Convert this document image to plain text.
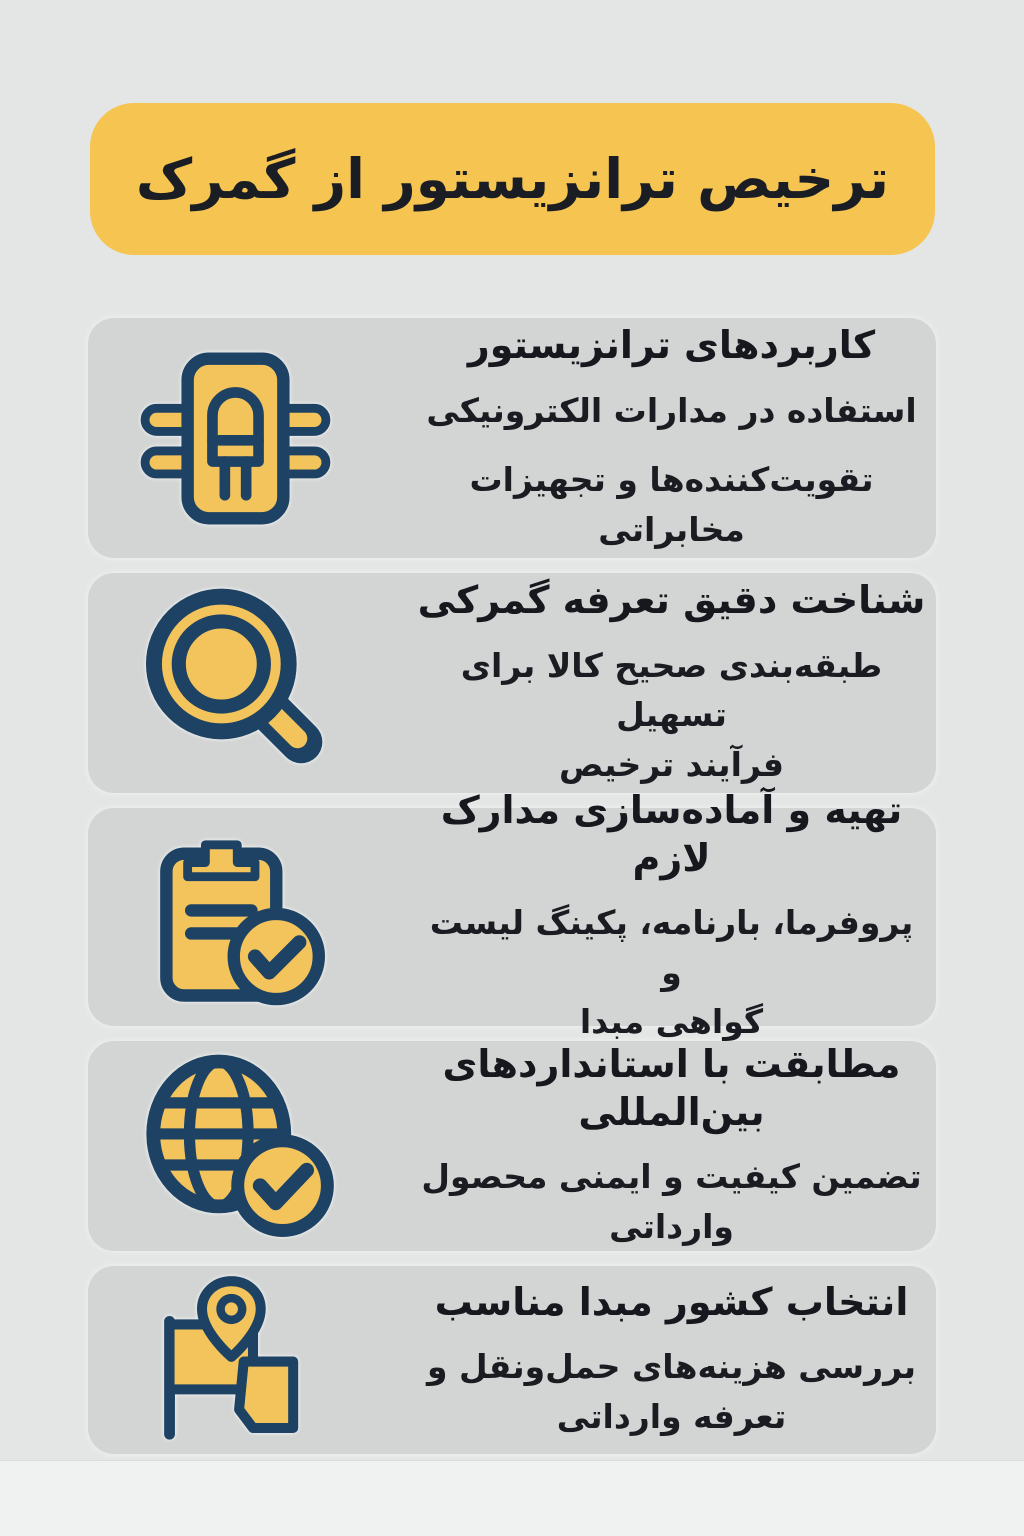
ترخیص ترانزیستور از گمرک

کاربردهای ترانزیستور

استفاده در مدارات الکترونیکی

تقویت‌کننده‌ها و تجهیزات مخابراتی

شناخت دقیق تعرفه گمرکی

طبقه‌بندی صحیح کالا برای تسهیل

فرآیند ترخیص

تهیه و آماده‌سازی مدارک لازم

پروفرما، بارنامه، پکینگ لیست و

گواهی مبدا

مطابقت با استانداردهای بین‌المللی

تضمین کیفیت و ایمنی محصول

وارداتی

انتخاب کشور مبدا مناسب

بررسی هزینه‌های حمل‌ونقل و

تعرفه وارداتی
